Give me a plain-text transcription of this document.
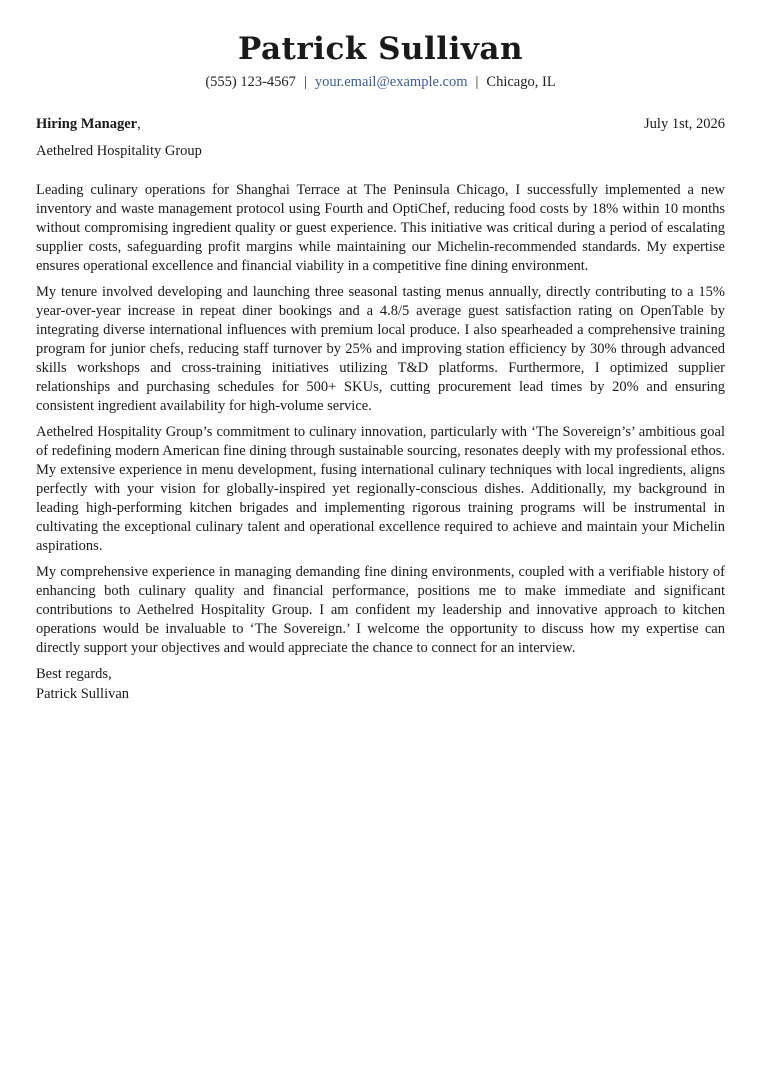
Patrick Sullivan
(555) 123-4567 | your.email@example.com | Chicago, IL
Hiring Manager,	July 1st, 2026
Aethelred Hospitality Group

Leading culinary operations for Shanghai Terrace at The Peninsula Chicago, I successfully implemented a new inventory and waste management protocol using Fourth and OptiChef, reducing food costs by 18% within 10 months without compromising ingredient quality or guest experience. This initiative was critical during a period of escalating supplier costs, safeguarding profit margins while maintaining our Michelin-recommended standards. My expertise ensures operational excellence and financial viability in a competitive fine dining environment.

My tenure involved developing and launching three seasonal tasting menus annually, directly contributing to a 15% year-over-year increase in repeat diner bookings and a 4.8/5 average guest satisfaction rating on OpenTable by integrating diverse international influences with premium local produce. I also spearheaded a comprehensive training program for junior chefs, reducing staff turnover by 25% and improving station efficiency by 30% through advanced skills workshops and cross-training initiatives utilizing T&D platforms. Furthermore, I optimized supplier relationships and purchasing schedules for 500+ SKUs, cutting procurement lead times by 20% and ensuring consistent ingredient availability for high-volume service.

Aethelred Hospitality Group’s commitment to culinary innovation, particularly with ‘The Sovereign’s’ ambitious goal of redefining modern American fine dining through sustainable sourcing, resonates deeply with my professional ethos. My extensive experience in menu development, fusing international culinary techniques with local ingredients, aligns perfectly with your vision for globally-inspired yet regionally-conscious dishes. Additionally, my background in leading high-performing kitchen brigades and implementing rigorous training programs will be instrumental in cultivating the exceptional culinary talent and operational excellence required to achieve and maintain your Michelin aspirations.

My comprehensive experience in managing demanding fine dining environments, coupled with a verifiable history of enhancing both culinary quality and financial performance, positions me to make immediate and significant contributions to Aethelred Hospitality Group. I am confident my leadership and innovative approach to kitchen operations would be invaluable to ‘The Sovereign.’ I welcome the opportunity to discuss how my expertise can directly support your objectives and would appreciate the chance to connect for an interview.

Best regards,
Patrick Sullivan
